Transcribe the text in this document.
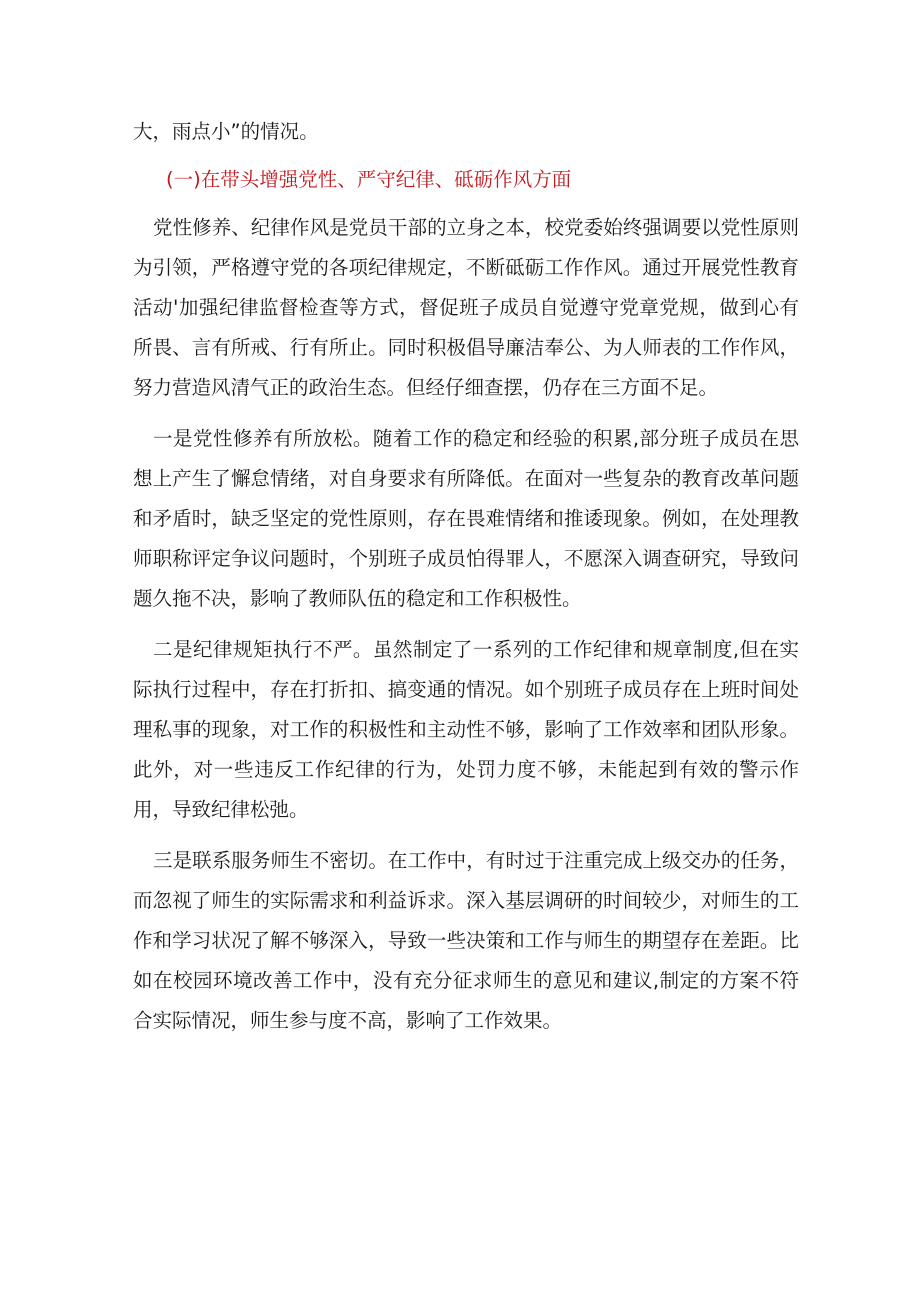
大，雨点小”的情况。

(一)在带头增强党性、严守纪律、砥砺作风方面

党性修养、纪律作风是党员干部的立身之本，校党委始终强调要以党性原则为引领，严格遵守党的各项纪律规定，不断砥砺工作作风。通过开展党性教育活动'加强纪律监督检查等方式，督促班子成员自觉遵守党章党规，做到心有所畏、言有所戒、行有所止。同时积极倡导廉洁奉公、为人师表的工作作风，努力营造风清气正的政治生态。但经仔细查摆，仍存在三方面不足。

一是党性修养有所放松。随着工作的稳定和经验的积累,部分班子成员在思想上产生了懈怠情绪，对自身要求有所降低。在面对一些复杂的教育改革问题和矛盾时，缺乏坚定的党性原则，存在畏难情绪和推诿现象。例如，在处理教师职称评定争议问题时，个别班子成员怕得罪人，不愿深入调查研究，导致问题久拖不决，影响了教师队伍的稳定和工作积极性。

二是纪律规矩执行不严。虽然制定了一系列的工作纪律和规章制度,但在实际执行过程中，存在打折扣、搞变通的情况。如个别班子成员存在上班时间处理私事的现象，对工作的积极性和主动性不够，影响了工作效率和团队形象。此外，对一些违反工作纪律的行为，处罚力度不够，未能起到有效的警示作用，导致纪律松弛。

三是联系服务师生不密切。在工作中，有时过于注重完成上级交办的任务，而忽视了师生的实际需求和利益诉求。深入基层调研的时间较少，对师生的工作和学习状况了解不够深入，导致一些决策和工作与师生的期望存在差距。比如在校园环境改善工作中，没有充分征求师生的意见和建议,制定的方案不符合实际情况，师生参与度不高，影响了工作效果。
